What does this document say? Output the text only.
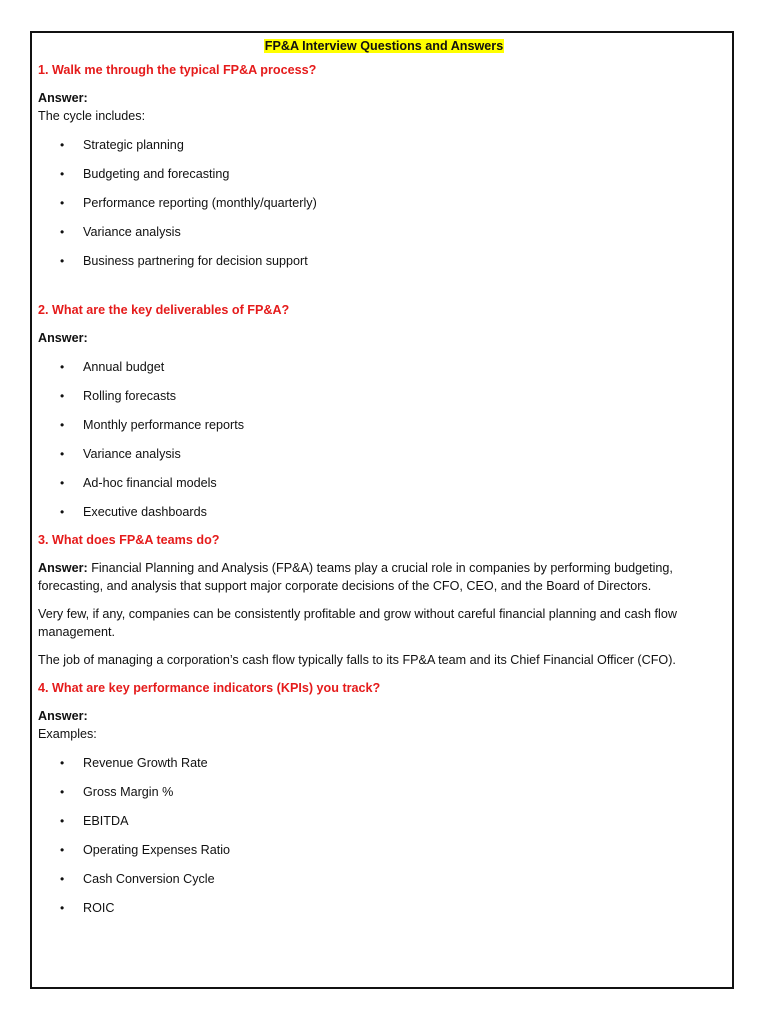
FP&A Interview Questions and Answers

1. Walk me through the typical FP&A process?

Answer:

The cycle includes:

• Strategic planning
• Budgeting and forecasting
• Performance reporting (monthly/quarterly)
• Variance analysis
• Business partnering for decision support

2. What are the key deliverables of FP&A?

Answer:

• Annual budget
• Rolling forecasts
• Monthly performance reports
• Variance analysis
• Ad-hoc financial models
• Executive dashboards

3. What does FP&A teams do?

Answer: Financial Planning and Analysis (FP&A) teams play a crucial role in companies by performing budgeting, forecasting, and analysis that support major corporate decisions of the CFO, CEO, and the Board of Directors.

Very few, if any, companies can be consistently profitable and grow without careful financial planning and cash flow management.

The job of managing a corporation’s cash flow typically falls to its FP&A team and its Chief Financial Officer (CFO).

4. What are key performance indicators (KPIs) you track?

Answer:

Examples:

• Revenue Growth Rate
• Gross Margin %
• EBITDA
• Operating Expenses Ratio
• Cash Conversion Cycle
• ROIC
